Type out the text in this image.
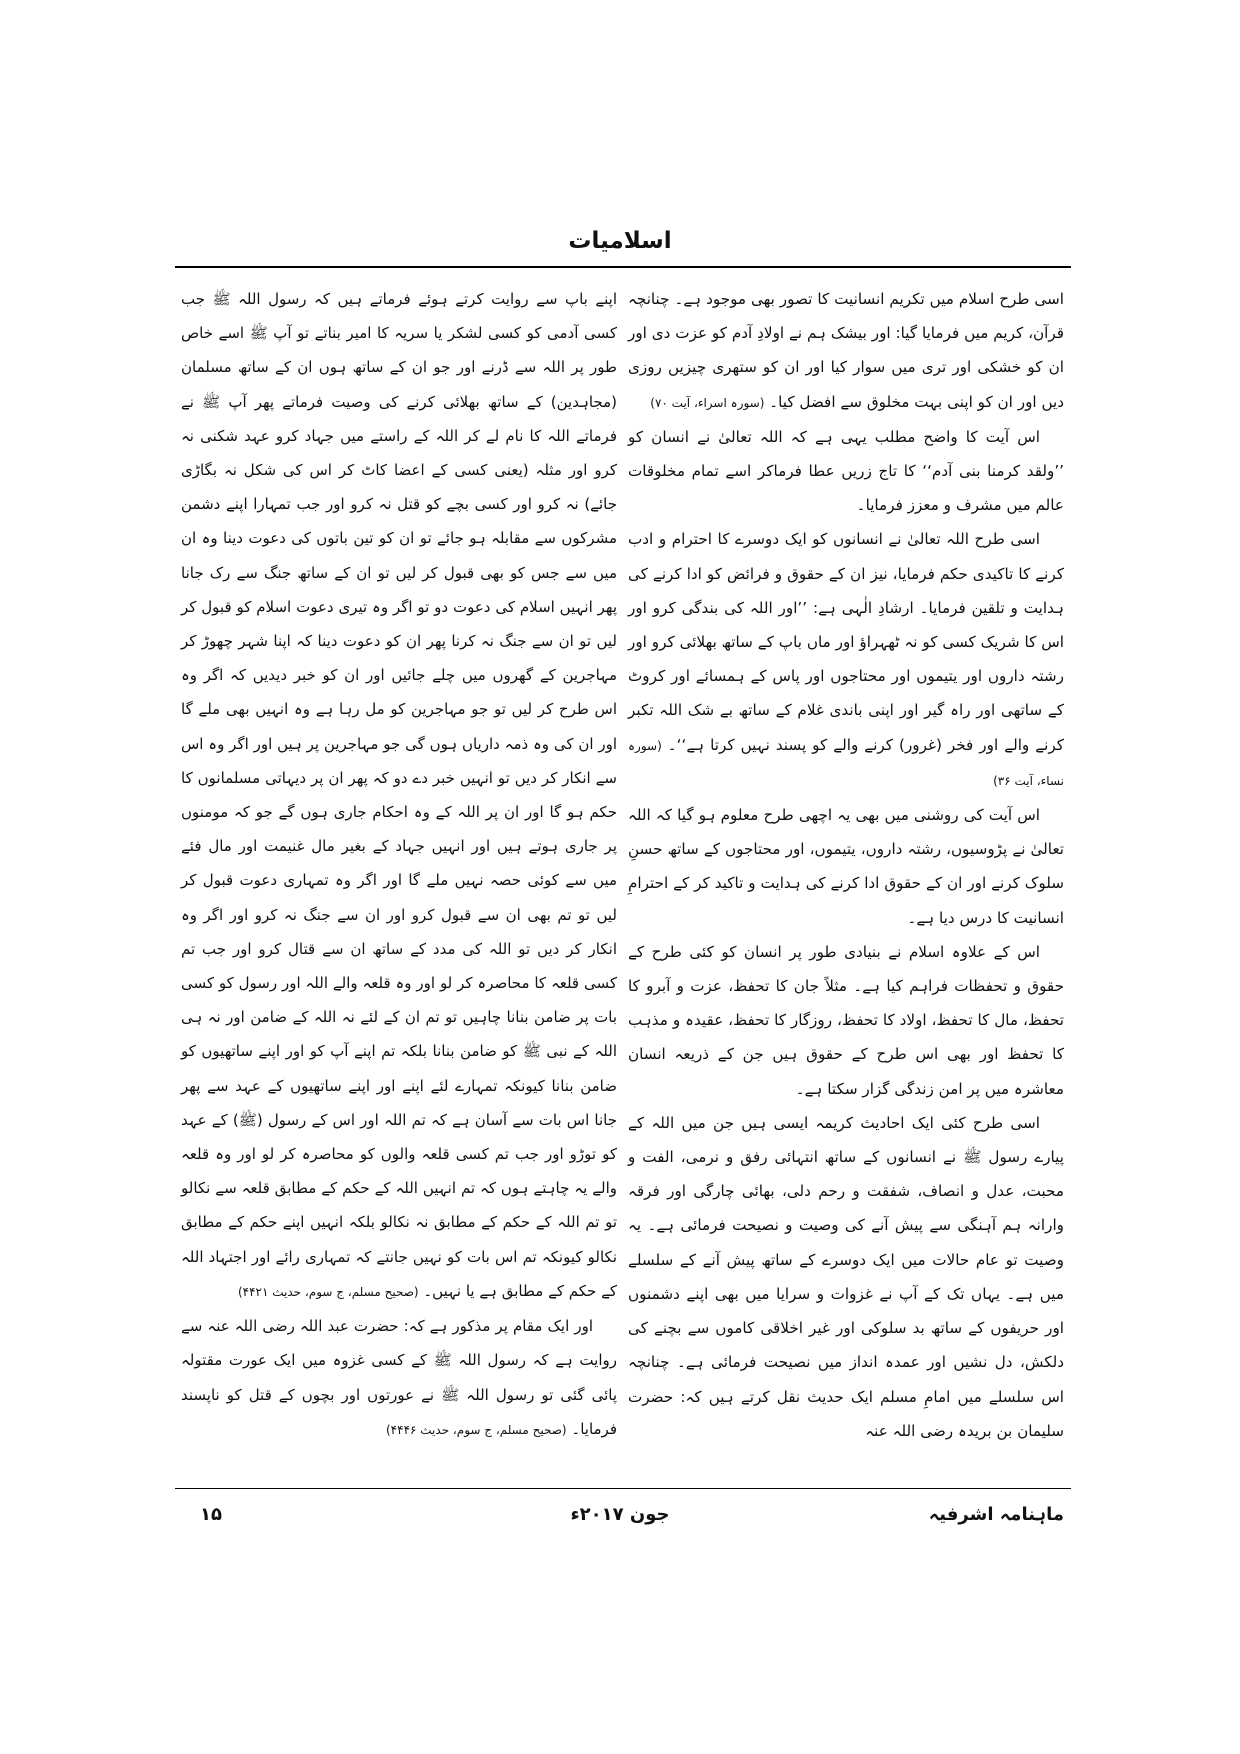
اسلامیات

اسی طرح اسلام میں تکریم انسانیت کا تصور بھی موجود ہے۔ چنانچہ قرآن، کریم میں فرمایا گیا: اور بیشک ہم نے اولادِ آدم کو عزت دی اور ان کو خشکی اور تری میں سوار کیا اور ان کو ستھری چیزیں روزی دیں اور ان کو اپنی بہت مخلوق سے افضل کیا۔ (سورہ اسراء، آیت ۷۰)

اس آیت کا واضح مطلب یہی ہے کہ اللہ تعالیٰ نے انسان کو ’’ولقد کرمنا بنی آدم‘‘ کا تاج زریں عطا فرماکر اسے تمام مخلوقات عالم میں مشرف و معزز فرمایا۔

اسی طرح اللہ تعالیٰ نے انسانوں کو ایک دوسرے کا احترام و ادب کرنے کا تاکیدی حکم فرمایا، نیز ان کے حقوق و فرائض کو ادا کرنے کی ہدایت و تلقین فرمایا۔ ارشادِ الٰہی ہے: ’’اور اللہ کی بندگی کرو اور اس کا شریک کسی کو نہ ٹھہراؤ اور ماں باپ کے ساتھ بھلائی کرو اور رشتہ داروں اور یتیموں اور محتاجوں اور پاس کے ہمسائے اور کروٹ کے ساتھی اور راہ گیر اور اپنی باندی غلام کے ساتھ بے شک اللہ تکبر کرنے والے اور فخر (غرور) کرنے والے کو پسند نہیں کرتا ہے‘‘۔ (سورہ نساء، آیت ۳۶)

اس آیت کی روشنی میں بھی یہ اچھی طرح معلوم ہو گیا کہ اللہ تعالیٰ نے پڑوسیوں، رشتہ داروں، یتیموں، اور محتاجوں کے ساتھ حسنِ سلوک کرنے اور ان کے حقوق ادا کرنے کی ہدایت و تاکید کر کے احترامِ انسانیت کا درس دیا ہے۔

اس کے علاوہ اسلام نے بنیادی طور پر انسان کو کئی طرح کے حقوق و تحفظات فراہم کیا ہے۔ مثلاً جان کا تحفظ، عزت و آبرو کا تحفظ، مال کا تحفظ، اولاد کا تحفظ، روزگار کا تحفظ، عقیدہ و مذہب کا تحفظ اور بھی اس طرح کے حقوق ہیں جن کے ذریعہ انسان معاشرہ میں پر امن زندگی گزار سکتا ہے۔

اسی طرح کئی ایک احادیث کریمہ ایسی ہیں جن میں اللہ کے پیارے رسول ﷺ نے انسانوں کے ساتھ انتہائی رفق و نرمی، الفت و محبت، عدل و انصاف، شفقت و رحم دلی، بھائی چارگی اور فرقہ وارانہ ہم آہنگی سے پیش آنے کی وصیت و نصیحت فرمائی ہے۔ یہ وصیت تو عام حالات میں ایک دوسرے کے ساتھ پیش آنے کے سلسلے میں ہے۔ یہاں تک کے آپ نے غزوات و سرایا میں بھی اپنے دشمنوں اور حریفوں کے ساتھ بد سلوکی اور غیر اخلاقی کاموں سے بچنے کی دلکش، دل نشیں اور عمدہ انداز میں نصیحت فرمائی ہے۔ چنانچہ اس سلسلے میں امامِ مسلم ایک حدیث نقل کرتے ہیں کہ: حضرت سلیمان بن بریدہ رضی اللہ عنہ

اپنے باپ سے روایت کرتے ہوئے فرماتے ہیں کہ رسول اللہ ﷺ جب کسی آدمی کو کسی لشکر یا سریہ کا امیر بناتے تو آپ ﷺ اسے خاص طور پر اللہ سے ڈرنے اور جو ان کے ساتھ ہوں ان کے ساتھ مسلمان (مجاہدین) کے ساتھ بھلائی کرنے کی وصیت فرماتے پھر آپ ﷺ نے فرماتے اللہ کا نام لے کر اللہ کے راستے میں جہاد کرو عہد شکنی نہ کرو اور مثلہ (یعنی کسی کے اعضا کاٹ کر اس کی شکل نہ بگاڑی جائے) نہ کرو اور کسی بچے کو قتل نہ کرو اور جب تمہارا اپنے دشمن مشرکوں سے مقابلہ ہو جائے تو ان کو تین باتوں کی دعوت دینا وہ ان میں سے جس کو بھی قبول کر لیں تو ان کے ساتھ جنگ سے رک جانا پھر انہیں اسلام کی دعوت دو تو اگر وہ تیری دعوت اسلام کو قبول کر لیں تو ان سے جنگ نہ کرنا پھر ان کو دعوت دینا کہ اپنا شہر چھوڑ کر مہاجرین کے گھروں میں چلے جائیں اور ان کو خبر دیدیں کہ اگر وہ اس طرح کر لیں تو جو مہاجرین کو مل رہا ہے وہ انہیں بھی ملے گا اور ان کی وہ ذمہ داریاں ہوں گی جو مہاجرین پر ہیں اور اگر وہ اس سے انکار کر دیں تو انہیں خبر دے دو کہ پھر ان پر دیہاتی مسلمانوں کا حکم ہو گا اور ان پر اللہ کے وہ احکام جاری ہوں گے جو کہ مومنوں پر جاری ہوتے ہیں اور انہیں جہاد کے بغیر مال غنیمت اور مال فئے میں سے کوئی حصہ نہیں ملے گا اور اگر وہ تمہاری دعوت قبول کر لیں تو تم بھی ان سے قبول کرو اور ان سے جنگ نہ کرو اور اگر وہ انکار کر دیں تو اللہ کی مدد کے ساتھ ان سے قتال کرو اور جب تم کسی قلعہ کا محاصرہ کر لو اور وہ قلعہ والے اللہ اور رسول کو کسی بات پر ضامن بنانا چاہیں تو تم ان کے لئے نہ اللہ کے ضامن اور نہ ہی اللہ کے نبی ﷺ کو ضامن بنانا بلکہ تم اپنے آپ کو اور اپنے ساتھیوں کو ضامن بنانا کیونکہ تمہارے لئے اپنے اور اپنے ساتھیوں کے عہد سے پھر جانا اس بات سے آسان ہے کہ تم اللہ اور اس کے رسول (ﷺ) کے عہد کو توڑو اور جب تم کسی قلعہ والوں کو محاصرہ کر لو اور وہ قلعہ والے یہ چاہتے ہوں کہ تم انہیں اللہ کے حکم کے مطابق قلعہ سے نکالو تو تم اللہ کے حکم کے مطابق نہ نکالو بلکہ انہیں اپنے حکم کے مطابق نکالو کیونکہ تم اس بات کو نہیں جانتے کہ تمہاری رائے اور اجتہاد اللہ کے حکم کے مطابق ہے یا نہیں۔ (صحیح مسلم، ج سوم، حدیث ۴۴۲۱)

اور ایک مقام پر مذکور ہے کہ: حضرت عبد اللہ رضی اللہ عنہ سے روایت ہے کہ رسول اللہ ﷺ کے کسی غزوہ میں ایک عورت مقتولہ پائی گئی تو رسول اللہ ﷺ نے عورتوں اور بچوں کے قتل کو ناپسند فرمایا۔ (صحیح مسلم، ج سوم، حدیث ۴۴۴۶)

ماہنامہ اشرفیہ
جون ۲۰۱۷ء
۱۵
